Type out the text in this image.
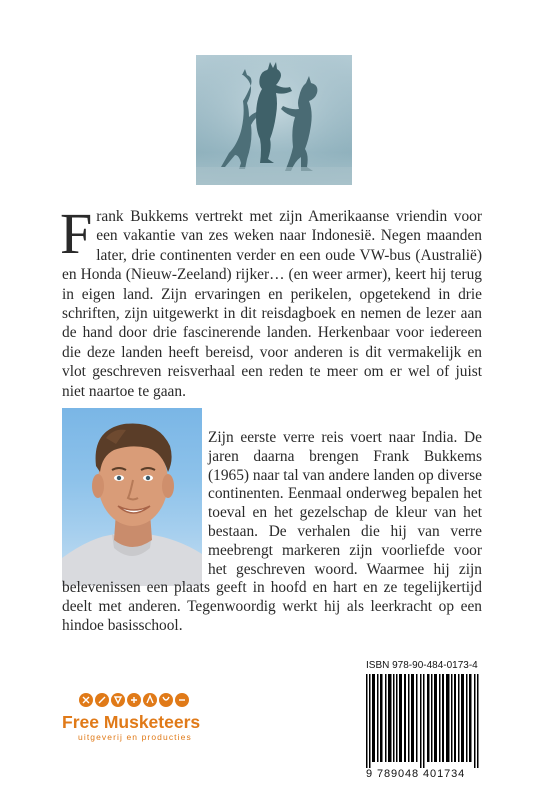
Frank Bukkems vertrekt met zijn Amerikaanse vriendin voor een vakantie van zes weken naar Indonesië. Negen maanden later, drie continenten verder en een oude VW-bus (Australië) en Honda (Nieuw-Zeeland) rijker… (en weer armer), keert hij terug in eigen land. Zijn ervaringen en perikelen, opgetekend in drie schriften, zijn uitgewerkt in dit reisdagboek en nemen de lezer aan de hand door drie fascinerende landen. Herkenbaar voor iedereen die deze landen heeft bereisd, voor anderen is dit vermakelijk en vlot geschreven reisverhaal een reden te meer om er wel of juist niet naartoe te gaan.

Zijn eerste verre reis voert naar India. De jaren daarna brengen Frank Bukkems (1965) naar tal van andere landen op diverse continenten. Eenmaal onderweg bepalen het toeval en het gezelschap de kleur van het bestaan. De verhalen die hij van verre meebrengt markeren zijn voorliefde voor het geschreven woord. Waarmee hij zijn belevenissen een plaats geeft in hoofd en hart en ze tegelijkertijd deelt met anderen. Tegenwoordig werkt hij als leerkracht op een hindoe basisschool.

ISBN 978-90-484-0173-4
9 789048 401734
Free Musketeers
uitgeverij en producties
